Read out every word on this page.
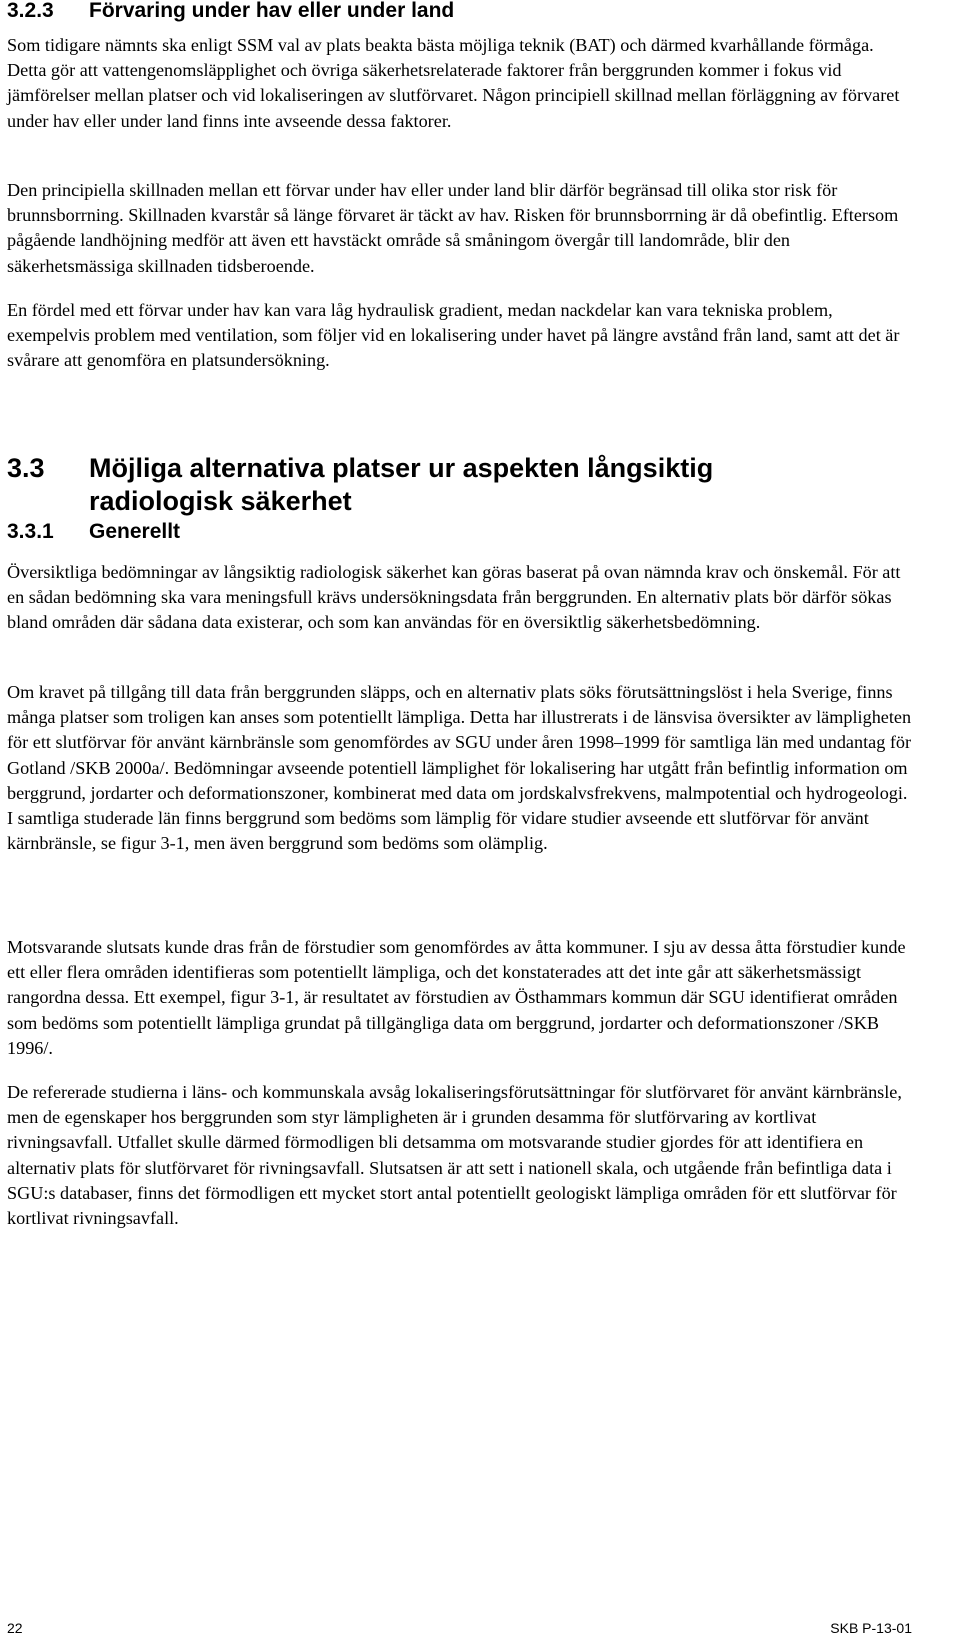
3.2.3	Förvaring under hav eller under land

Som tidigare nämnts ska enligt SSM val av plats beakta bästa möjliga teknik (BAT) och därmed kvarhållande förmåga. Detta gör att vattengenomsläpplighet och övriga säkerhetsrelaterade faktorer från berggrunden kommer i fokus vid jämförelser mellan platser och vid lokaliseringen av slutförvaret. Någon principiell skillnad mellan förläggning av förvaret under hav eller under land finns inte avseende dessa faktorer.

Den principiella skillnaden mellan ett förvar under hav eller under land blir därför begränsad till olika stor risk för brunnsborrning. Skillnaden kvarstår så länge förvaret är täckt av hav. Risken för brunnsborrning är då obefintlig. Eftersom pågående landhöjning medför att även ett havstäckt område så småningom övergår till landområde, blir den säkerhetsmässiga skillnaden tidsberoende.

En fördel med ett förvar under hav kan vara låg hydraulisk gradient, medan nackdelar kan vara tekniska problem, exempelvis problem med ventilation, som följer vid en lokalisering under havet på längre avstånd från land, samt att det är svårare att genomföra en platsundersökning.

3.3	Möjliga alternativa platser ur aspekten långsiktig radiologisk säkerhet
3.3.1	Generellt

Översiktliga bedömningar av långsiktig radiologisk säkerhet kan göras baserat på ovan nämnda krav och önskemål. För att en sådan bedömning ska vara meningsfull krävs undersökningsdata från berggrunden. En alternativ plats bör därför sökas bland områden där sådana data existerar, och som kan användas för en översiktlig säkerhetsbedömning.

Om kravet på tillgång till data från berggrunden släpps, och en alternativ plats söks förutsättningslöst i hela Sverige, finns många platser som troligen kan anses som potentiellt lämpliga. Detta har illustrerats i de länsvisa översikter av lämpligheten för ett slutförvar för använt kärnbränsle som genomfördes av SGU under åren 1998–1999 för samtliga län med undantag för Gotland /SKB 2000a/. Bedömningar avseende potentiell lämplighet för lokalisering har utgått från befintlig information om berggrund, jordarter och deformationszoner, kombinerat med data om jordskalvsfrekvens, malmpotential och hydrogeologi. I samtliga studerade län finns berggrund som bedöms som lämplig för vidare studier avseende ett slutförvar för använt kärnbränsle, se figur 3-1, men även berggrund som bedöms som olämplig.

Motsvarande slutsats kunde dras från de förstudier som genomfördes av åtta kommuner. I sju av dessa åtta förstudier kunde ett eller flera områden identifieras som potentiellt lämpliga, och det konstaterades att det inte går att säkerhetsmässigt rangordna dessa. Ett exempel, figur 3-1, är resultatet av förstudien av Östhammars kommun där SGU identifierat områden som bedöms som potentiellt lämpliga grundat på tillgängliga data om berggrund, jordarter och deformationszoner /SKB 1996/.

De refererade studierna i läns- och kommunskala avsåg lokaliseringsförutsättningar för slutförvaret för använt kärnbränsle, men de egenskaper hos berggrunden som styr lämpligheten är i grunden desamma för slutförvaring av kortlivat rivningsavfall. Utfallet skulle därmed förmodligen bli detsamma om motsvarande studier gjordes för att identifiera en alternativ plats för slutförvaret för rivningsavfall. Slutsatsen är att sett i nationell skala, och utgående från befintliga data i SGU:s databaser, finns det förmodligen ett mycket stort antal potentiellt geologiskt lämpliga områden för ett slutförvar för kortlivat rivningsavfall.

22	SKB P-13-01
